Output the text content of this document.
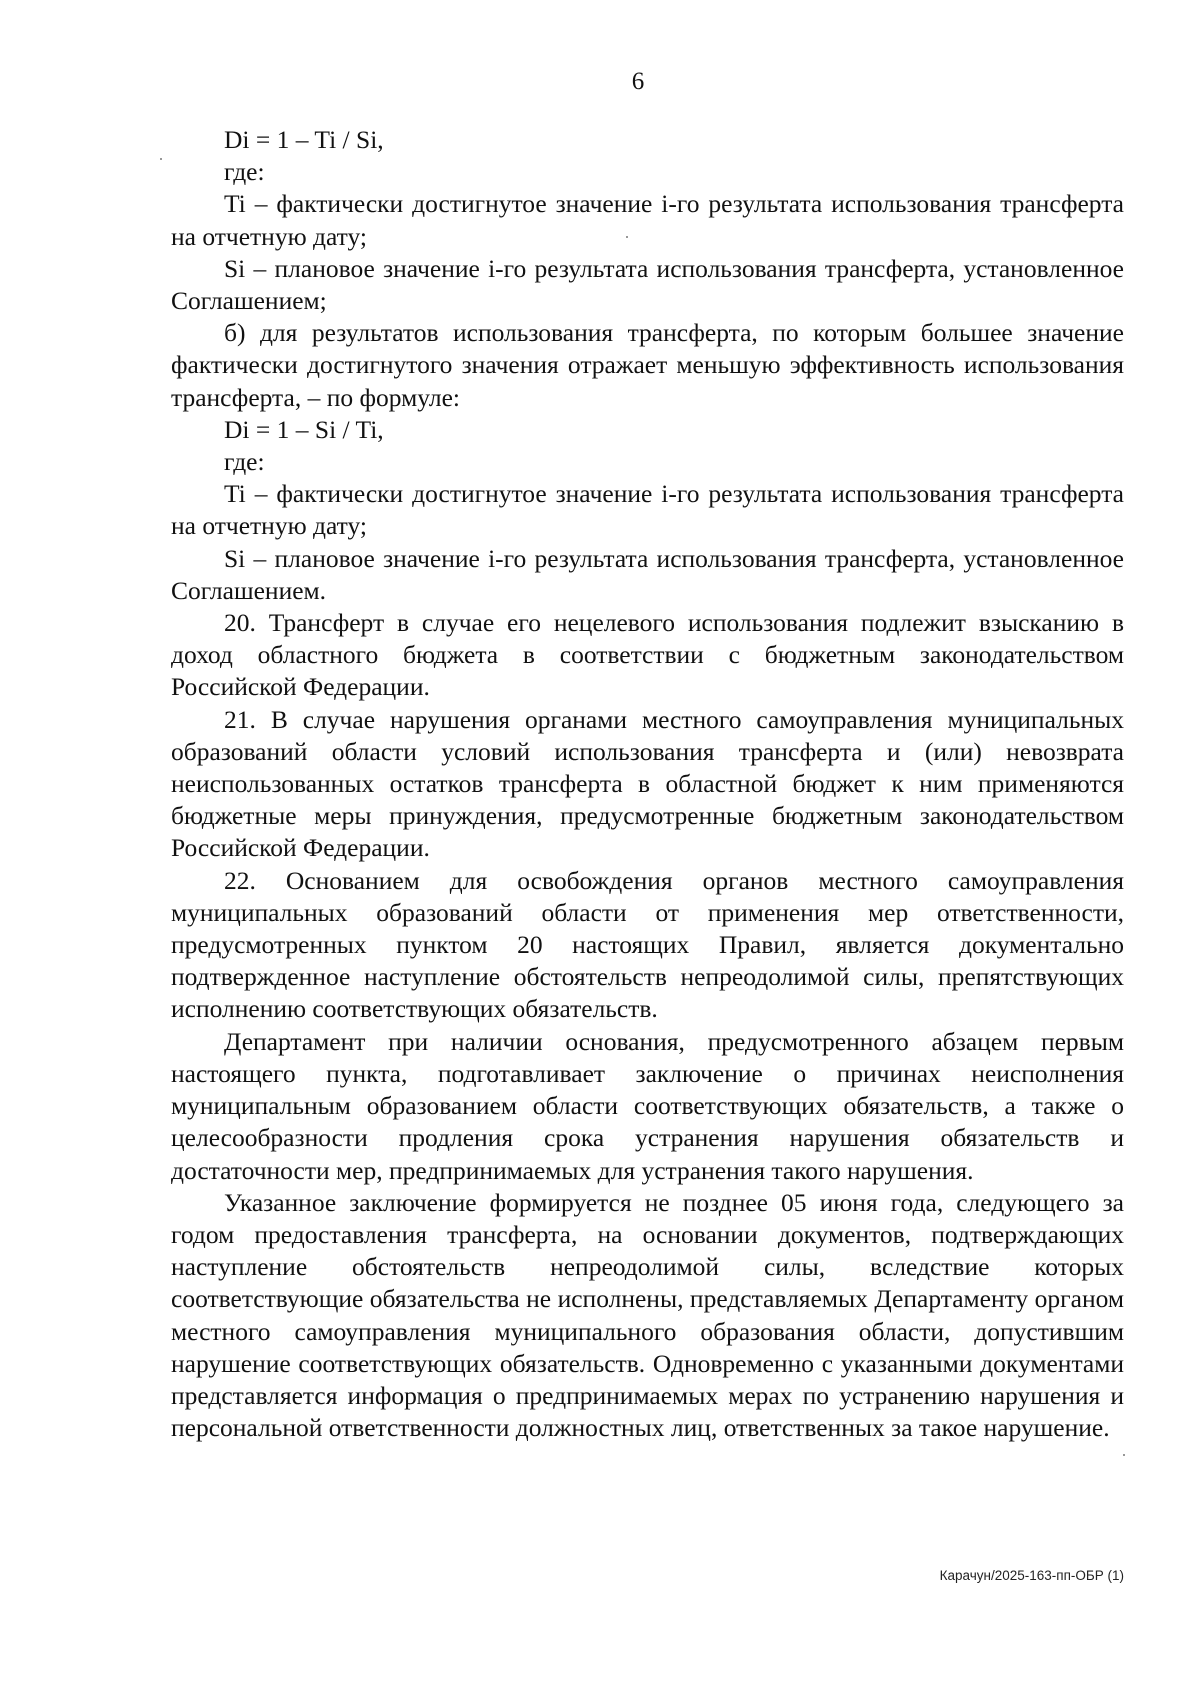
6

Di = 1 – Ti / Si,

где:

Ti – фактически достигнутое значение i-го результата использования трансферта на отчетную дату;

Si – плановое значение i-го результата использования трансферта, установленное Соглашением;

б) для результатов использования трансферта, по которым большее значение фактически достигнутого значения отражает меньшую эффективность использования трансферта, – по формуле:

Di = 1 – Si / Ti,

где:

Ti – фактически достигнутое значение i-го результата использования трансферта на отчетную дату;

Si – плановое значение i-го результата использования трансферта, установленное Соглашением.

20. Трансферт в случае его нецелевого использования подлежит взысканию в доход областного бюджета в соответствии с бюджетным законодательством Российской Федерации.

21. В случае нарушения органами местного самоуправления муниципальных образований области условий использования трансферта и (или) невозврата неиспользованных остатков трансферта в областной бюджет к ним применяются бюджетные меры принуждения, предусмотренные бюджетным законодательством Российской Федерации.

22. Основанием для освобождения органов местного самоуправления муниципальных образований области от применения мер ответственности, предусмотренных пунктом 20 настоящих Правил, является документально подтвержденное наступление обстоятельств непреодолимой силы, препятствующих исполнению соответствующих обязательств.

Департамент при наличии основания, предусмотренного абзацем первым настоящего пункта, подготавливает заключение о причинах неисполнения муниципальным образованием области соответствующих обязательств, а также о целесообразности продления срока устранения нарушения обязательств и достаточности мер, предпринимаемых для устранения такого нарушения.

Указанное заключение формируется не позднее 05 июня года, следующего за годом предоставления трансферта, на основании документов, подтверждающих наступление обстоятельств непреодолимой силы, вследствие которых соответствующие обязательства не исполнены, представляемых Департаменту органом местного самоуправления муниципального образования области, допустившим нарушение соответствующих обязательств. Одновременно с указанными документами представляется информация о предпринимаемых мерах по устранению нарушения и персональной ответственности должностных лиц, ответственных за такое нарушение.

Карачун/2025-163-пп-ОБР (1)
